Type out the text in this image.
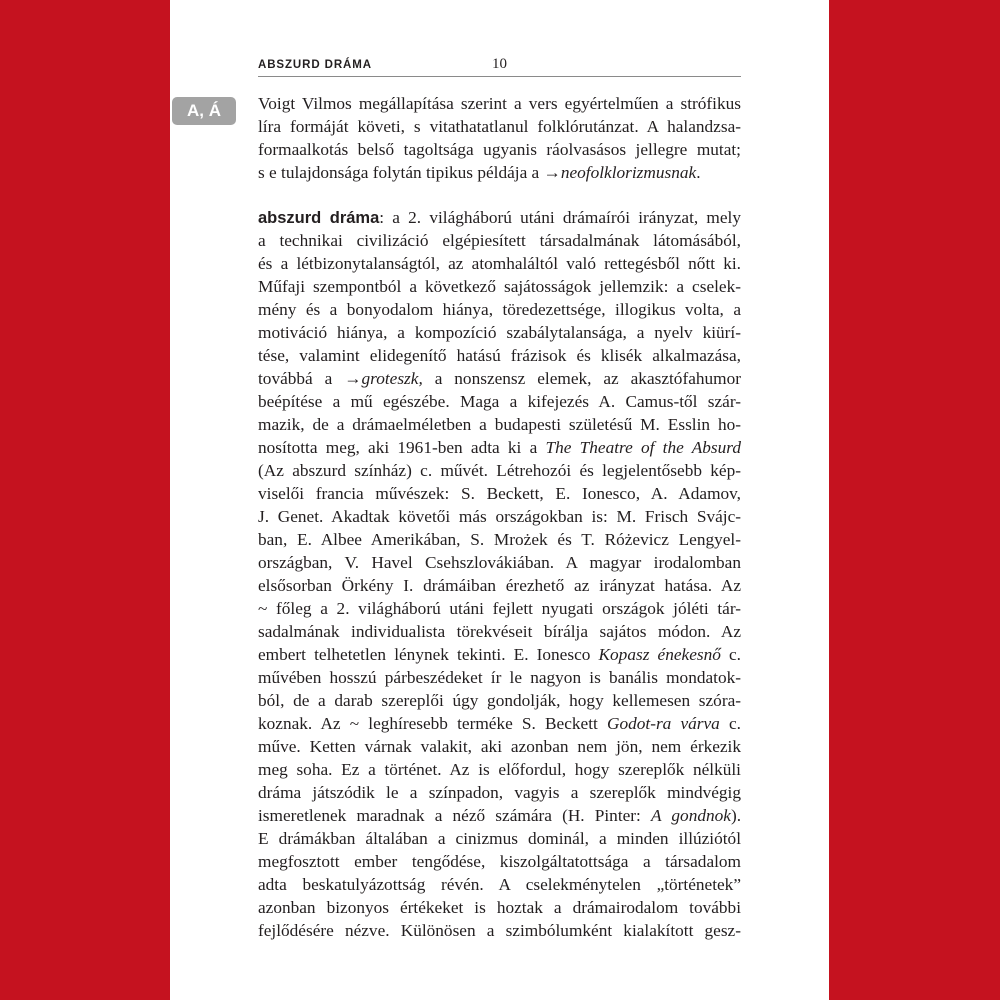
ABSZURD DRÁMA	10
A, Á Voigt Vilmos megállapítása szerint a vers egyértelműen a strófikus
líra formáját követi, s vitathatatlanul folklórutánzat. A halandzsa-
formaalkotás belső tagoltsága ugyanis ráolvasásos jellegre mutat;
s e tulajdonsága folytán tipikus példája a →neofolklorizmusnak.
abszurd dráma: a 2. világháború utáni drámaírói irányzat, mely
a technikai civilizáció elgépiesített társadalmának látomásából,
és a létbizonytalanságtól, az atomhaláltól való rettegésből nőtt ki.
Műfaji szempontból a következő sajátosságok jellemzik: a cselek-
mény és a bonyodalom hiánya, töredezettsége, illogikus volta, a
motiváció hiánya, a kompozíció szabálytalansága, a nyelv kiürí-
tése, valamint elidegenítő hatású frázisok és klisék alkalmazása,
továbbá a →groteszk, a nonszensz elemek, az akasztófahumor
beépítése a mű egészébe. Maga a kifejezés A. Camus-től szár-
mazik, de a drámaelméletben a budapesti születésű M. Esslin ho-
nosította meg, aki 1961-ben adta ki a The Theatre of the Absurd
(Az abszurd színház) c. művét. Létrehozói és legjelentősebb kép-
viselői francia művészek: S. Beckett, E. Ionesco, A. Adamov,
J. Genet. Akadtak követői más országokban is: M. Frisch Svájc-
ban, E. Albee Amerikában, S. Mrożek és T. Różevicz Lengyel-
országban, V. Havel Csehszlovákiában. A magyar irodalomban
elsősorban Örkény I. drámáiban érezhető az irányzat hatása. Az
~ főleg a 2. világháború utáni fejlett nyugati országok jóléti tár-
sadalmának individualista törekvéseit bírálja sajátos módon. Az
embert telhetetlen lénynek tekinti. E. Ionesco Kopasz énekesnő c.
művében hosszú párbeszédeket ír le nagyon is banális mondatok-
ból, de a darab szereplői úgy gondolják, hogy kellemesen szóra-
koznak. Az ~ leghíresebb terméke S. Beckett Godot-ra várva c.
műve. Ketten várnak valakit, aki azonban nem jön, nem érkezik
meg soha. Ez a történet. Az is előfordul, hogy szereplők nélküli
dráma játszódik le a színpadon, vagyis a szereplők mindvégig
ismeretlenek maradnak a néző számára (H. Pinter: A gondnok).
E drámákban általában a cinizmus dominál, a minden illúziótól
megfosztott ember tengődése, kiszolgáltatottsága a társadalom
adta beskatulyázottság révén. A cselekménytelen „történetek”
azonban bizonyos értékeket is hoztak a drámairodalom további
fejlődésére nézve. Különösen a szimbólumként kialakított gesz-
